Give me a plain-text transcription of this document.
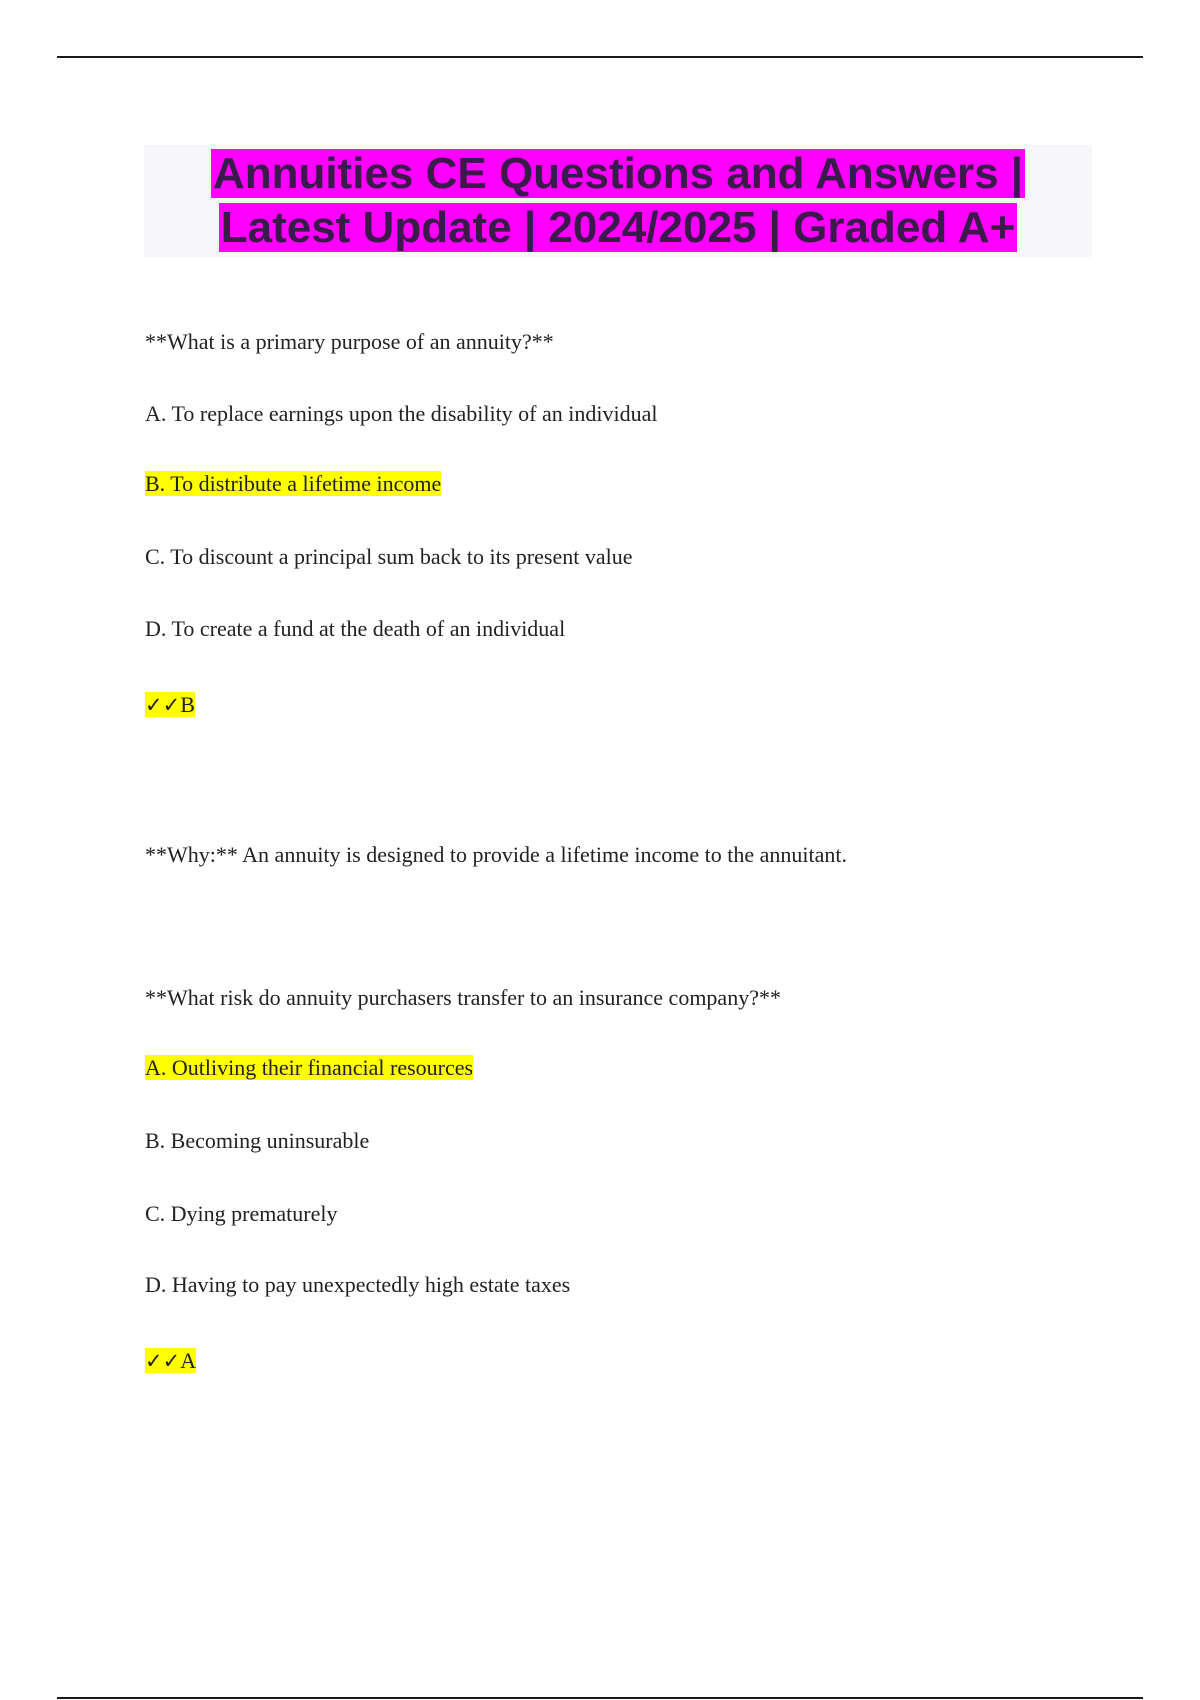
Annuities CE Questions and Answers |
Latest Update | 2024/2025 | Graded A+
**What is a primary purpose of an annuity?**
A. To replace earnings upon the disability of an individual
B. To distribute a lifetime income
C. To discount a principal sum back to its present value
D. To create a fund at the death of an individual
✓✓B
**Why:** An annuity is designed to provide a lifetime income to the annuitant.
**What risk do annuity purchasers transfer to an insurance company?**
A. Outliving their financial resources
B. Becoming uninsurable
C. Dying prematurely
D. Having to pay unexpectedly high estate taxes
✓✓A
